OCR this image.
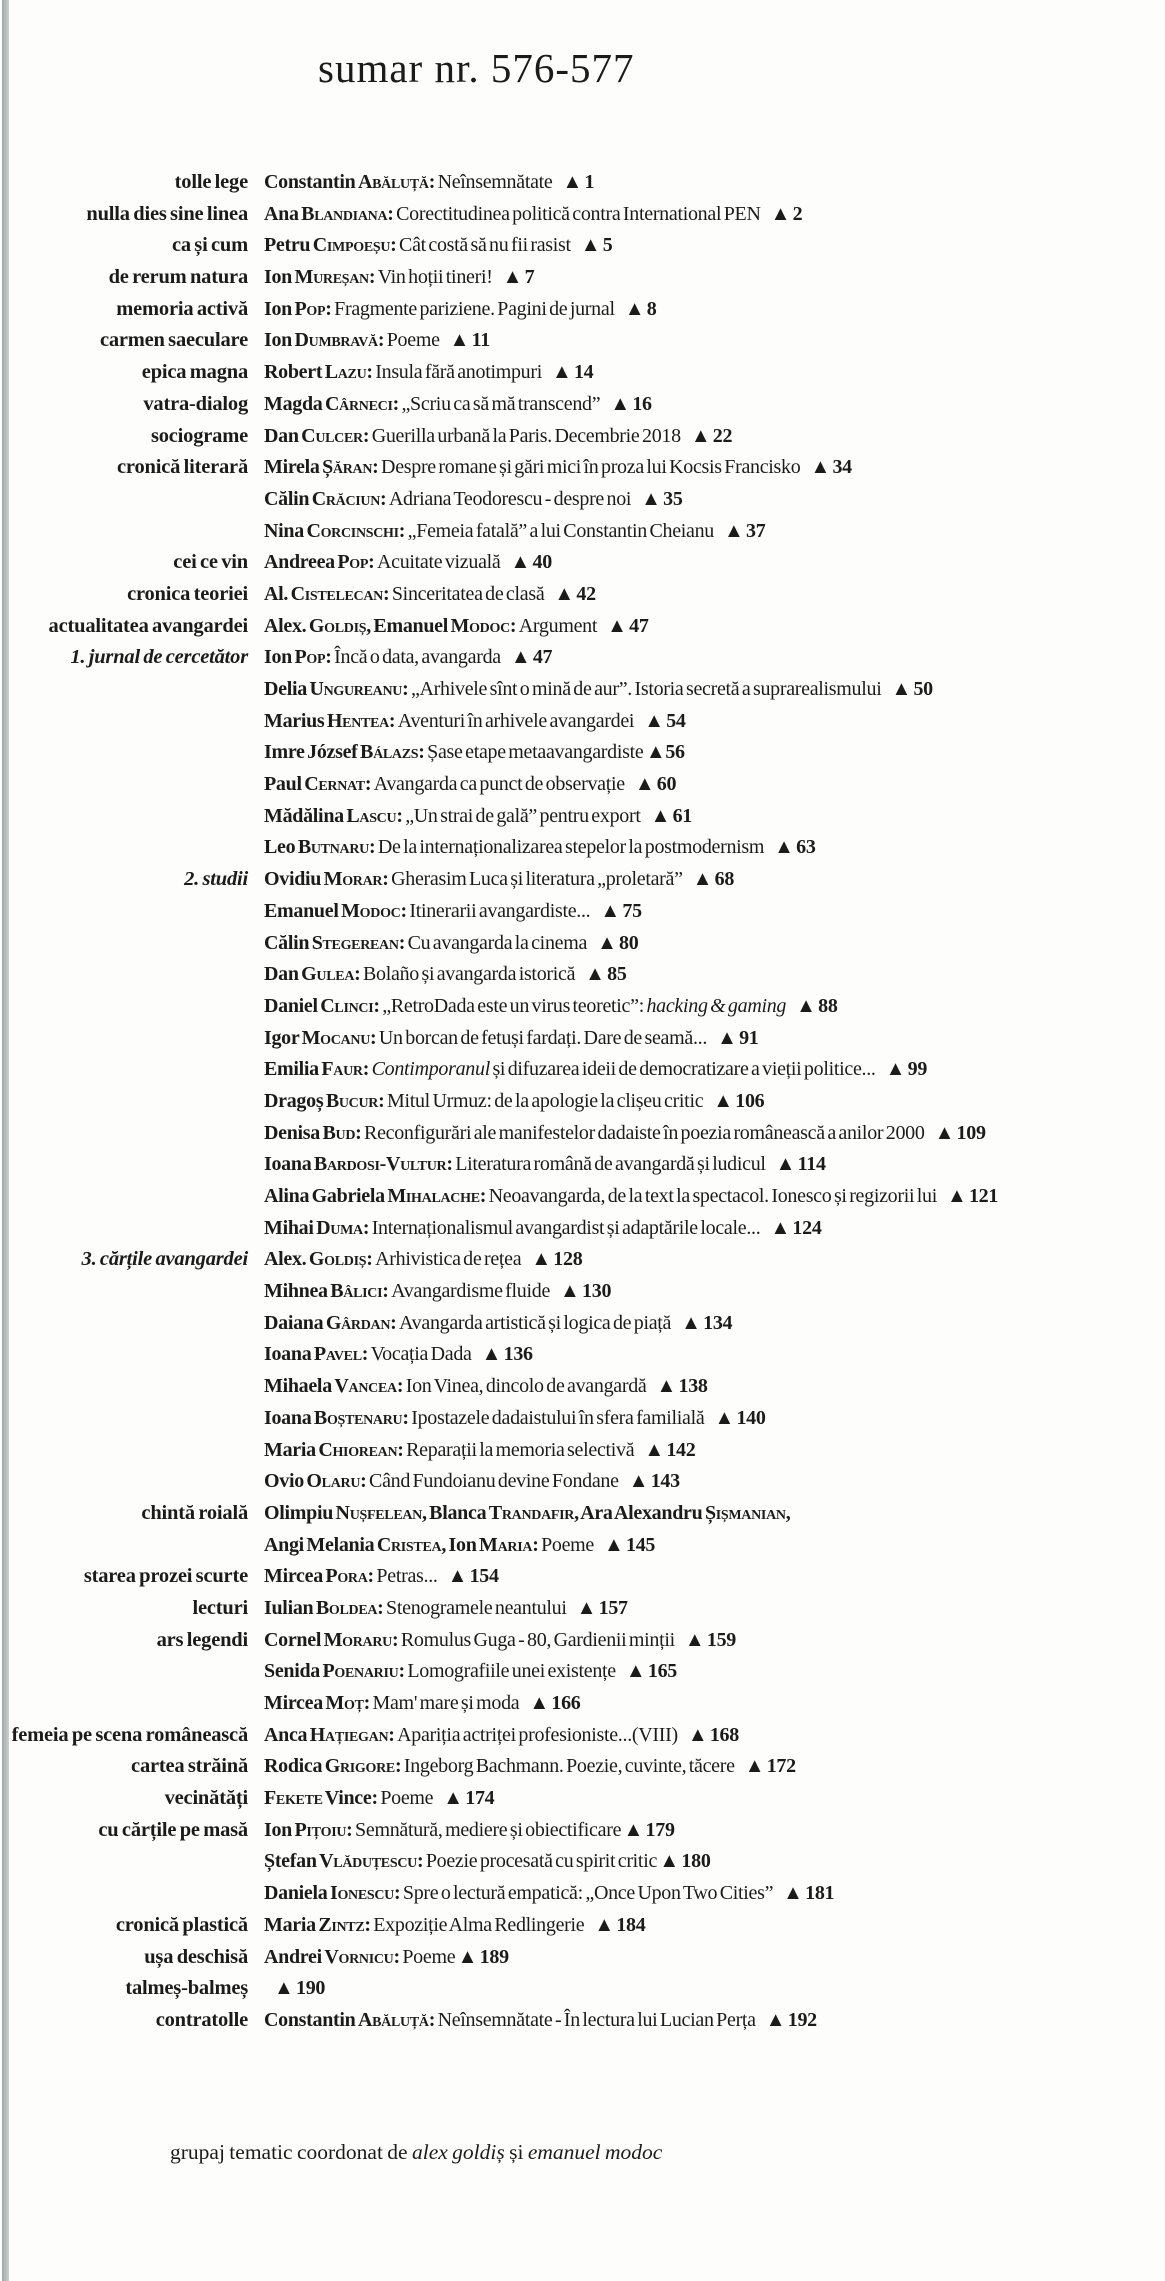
sumar nr. 576-577
tolle lege Constantin Abăluță: Neînsemnătate ▲ 1
nulla dies sine linea Ana Blandiana: Corectitudinea politică contra International PEN ▲ 2
ca și cum Petru Cimpoeșu: Cât costă să nu fii rasist ▲ 5
de rerum natura Ion Mureșan: Vin hoții tineri! ▲ 7
memoria activă Ion Pop: Fragmente pariziene. Pagini de jurnal ▲ 8
carmen saeculare Ion Dumbravă: Poeme ▲ 11
epica magna Robert Lazu: Insula fără anotimpuri ▲ 14
vatra-dialog Magda Cârneci: „Scriu ca să mă transcend” ▲ 16
sociograme Dan Culcer: Guerilla urbană la Paris. Decembrie 2018 ▲ 22
cronică literară Mirela Șăran: Despre romane și gări mici în proza lui Kocsis Francisko ▲ 34
Călin Crăciun: Adriana Teodorescu - despre noi ▲ 35
Nina Corcinschi: „Femeia fatală” a lui Constantin Cheianu ▲ 37
cei ce vin Andreea Pop: Acuitate vizuală ▲ 40
cronica teoriei Al. Cistelecan: Sinceritatea de clasă ▲ 42
actualitatea avangardei Alex. Goldiș, Emanuel Modoc: Argument ▲ 47
1. jurnal de cercetător Ion Pop: Încă o data, avangarda ▲ 47
Delia Ungureanu: „Arhivele sînt o mină de aur”. Istoria secretă a suprarealismului ▲ 50
Marius Hentea: Aventuri în arhivele avangardei ▲ 54
Imre József Bálazs: Șase etape metaavangardiste ▲56
Paul Cernat: Avangarda ca punct de observație ▲ 60
Mădălina Lascu: „Un strai de gală” pentru export ▲ 61
Leo Butnaru: De la internaționalizarea stepelor la postmodernism ▲ 63
2. studii Ovidiu Morar: Gherasim Luca și literatura „proletară” ▲ 68
Emanuel Modoc: Itinerarii avangardiste... ▲ 75
Călin Stegerean: Cu avangarda la cinema ▲ 80
Dan Gulea: Bolaño și avangarda istorică ▲ 85
Daniel Clinci: „RetroDada este un virus teoretic”: hacking & gaming ▲ 88
Igor Mocanu: Un borcan de fetuși fardați. Dare de seamă... ▲ 91
Emilia Faur: Contimporanul și difuzarea ideii de democratizare a vieții politice... ▲ 99
Dragoș Bucur: Mitul Urmuz: de la apologie la clișeu critic ▲ 106
Denisa Bud: Reconfigurări ale manifestelor dadaiste în poezia românească a anilor 2000 ▲ 109
Ioana Bardosi-Vultur: Literatura română de avangardă și ludicul ▲ 114
Alina Gabriela Mihalache: Neoavangarda, de la text la spectacol. Ionesco și regizorii lui ▲ 121
Mihai Duma: Internaționalismul avangardist și adaptările locale... ▲ 124
3. cărțile avangardei Alex. Goldiș: Arhivistica de rețea ▲ 128
Mihnea Bâlici: Avangardisme fluide ▲ 130
Daiana Gârdan: Avangarda artistică și logica de piață ▲ 134
Ioana Pavel: Vocația Dada ▲ 136
Mihaela Vancea: Ion Vinea, dincolo de avangardă ▲ 138
Ioana Boștenaru: Ipostazele dadaistului în sfera familială ▲ 140
Maria Chiorean: Reparații la memoria selectivă ▲ 142
Ovio Olaru: Când Fundoianu devine Fondane ▲ 143
chintă roială Olimpiu Nușfelean, Blanca Trandafir, Ara Alexandru Șișmanian,
Angi Melania Cristea, Ion Maria: Poeme ▲ 145
starea prozei scurte Mircea Pora: Petras... ▲ 154
lecturi Iulian Boldea: Stenogramele neantului ▲ 157
ars legendi Cornel Moraru: Romulus Guga - 80, Gardienii minții ▲ 159
Senida Poenariu: Lomografiile unei existențe ▲ 165
Mircea Moț: Mam' mare și moda ▲ 166
femeia pe scena românească Anca Hațiegan: Apariția actriței profesioniste...(VIII) ▲ 168
cartea străină Rodica Grigore: Ingeborg Bachmann. Poezie, cuvinte, tăcere ▲ 172
vecinătăți Fekete Vince: Poeme ▲ 174
cu cărțile pe masă Ion Pițoiu: Semnătură, mediere și obiectificare ▲ 179
Ștefan Vlăduțescu: Poezie procesată cu spirit critic ▲ 180
Daniela Ionescu: Spre o lectură empatică: „Once Upon Two Cities” ▲ 181
cronică plastică Maria Zintz: Expoziție Alma Redlingerie ▲ 184
ușa deschisă Andrei Vornicu: Poeme ▲ 189
talmeș-balmeș	▲ 190
contratolle Constantin Abăluță: Neînsemnătate - În lectura lui Lucian Perța ▲ 192
grupaj tematic coordonat de alex goldiș și emanuel modoc
